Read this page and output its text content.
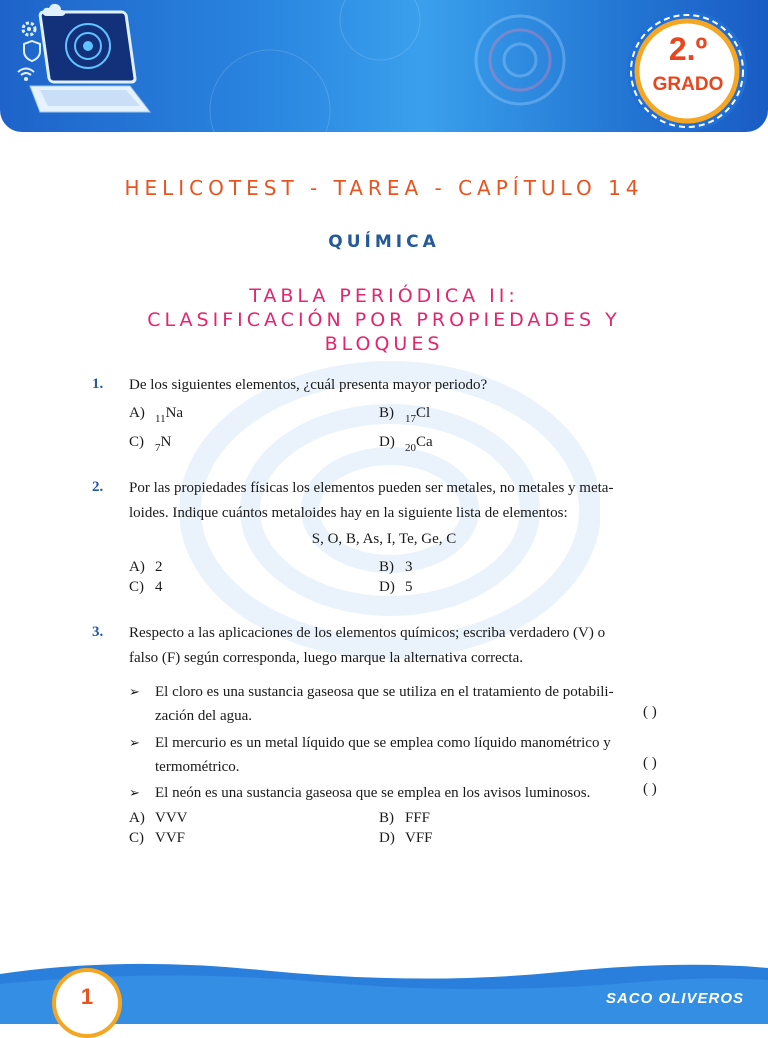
2.º
GRADO
HELICOTEST - TAREA - CAPÍTULO 14
QUÍMICA
TABLA PERIÓDICA II:
CLASIFICACIÓN POR PROPIEDADES Y
BLOQUES
1.	De los siguientes elementos, ¿cuál presenta mayor periodo?
A) $_{11}$Na	B) $_{17}$Cl
C) $_7$N	D) $_{20}$Ca
2.	Por las propiedades físicas los elementos pueden ser metales, no metales y meta-
loides. Indique cuántos metaloides hay en la siguiente lista de elementos:
S, O, B, As, I, Te, Ge, C
A) 2	B) 3
C) 4	D) 5
3.	Respecto a las aplicaciones de los elementos químicos; escriba verdadero (V) o
falso (F) según corresponda, luego marque la alternativa correcta.
➢	El cloro es una sustancia gaseosa que se utiliza en el tratamiento de potabili-
zación del agua.	( )
➢	El mercurio es un metal líquido que se emplea como líquido manométrico y
termométrico.	( )
➢	El neón es una sustancia gaseosa que se emplea en los avisos luminosos.	( )
A) VVV	B) FFF
C) VVF	D) VFF
1	SACO OLIVEROS
